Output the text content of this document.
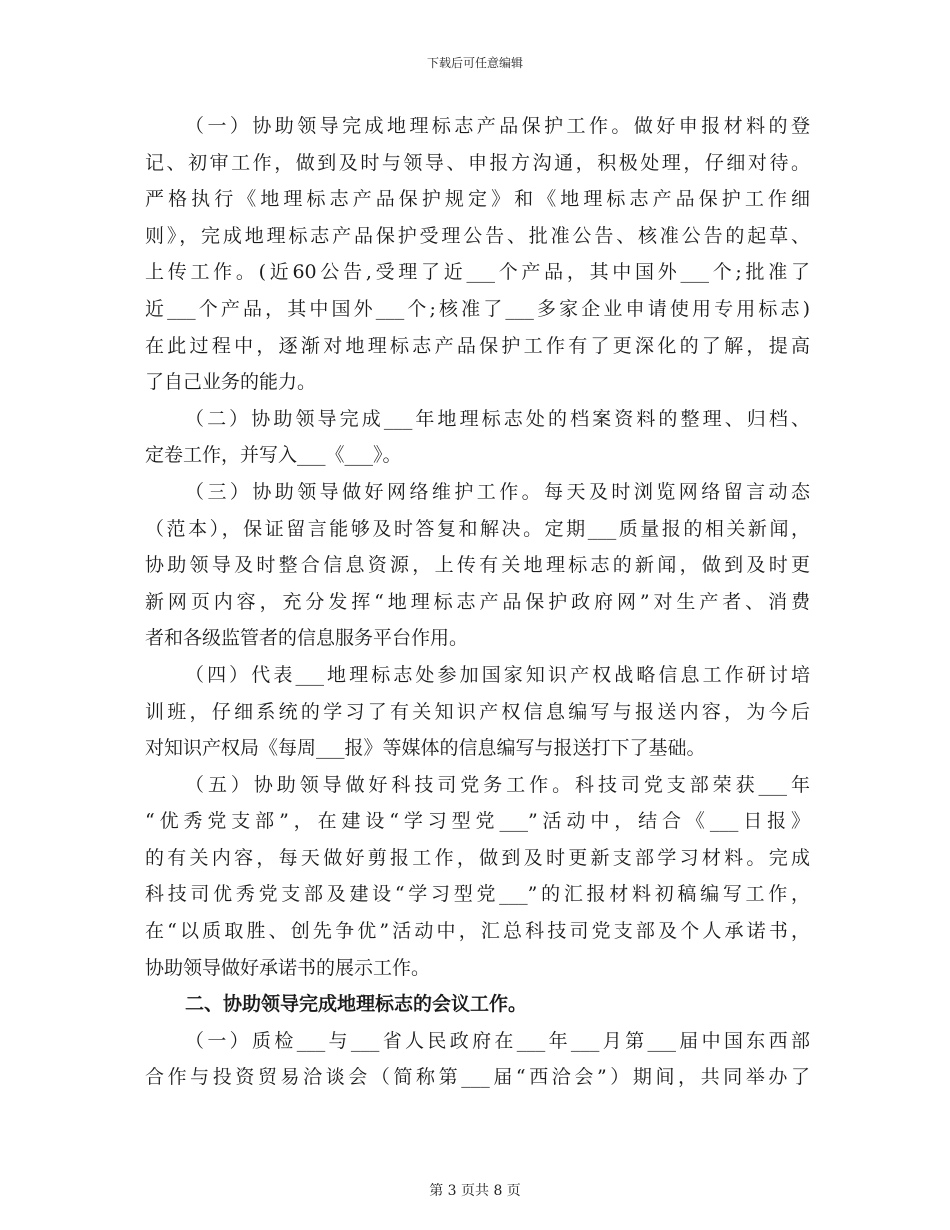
下载后可任意编辑
（一）协助领导完成地理标志产品保护工作。做好申报材料的登
记、初审工作，做到及时与领导、申报方沟通，积极处理，仔细对待。
严格执行《地理标志产品保护规定》和《地理标志产品保护工作细
则》，完成地理标志产品保护受理公告、批准公告、核准公告的起草、
上传工作。(近60公告,受理了近___个产品，其中国外___个;批准了
近___个产品，其中国外___个;核准了___多家企业申请使用专用标志)
在此过程中，逐渐对地理标志产品保护工作有了更深化的了解，提高
了自己业务的能力。
（二）协助领导完成___年地理标志处的档案资料的整理、归档、
定卷工作，并写入___《___》。
（三）协助领导做好网络维护工作。每天及时浏览网络留言动态
（范本），保证留言能够及时答复和解决。定期___质量报的相关新闻，
协助领导及时整合信息资源，上传有关地理标志的新闻，做到及时更
新网页内容，充分发挥“地理标志产品保护政府网”对生产者、消费
者和各级监管者的信息服务平台作用。
（四）代表___地理标志处参加国家知识产权战略信息工作研讨培
训班，仔细系统的学习了有关知识产权信息编写与报送内容，为今后
对知识产权局《每周___报》等媒体的信息编写与报送打下了基础。
（五）协助领导做好科技司党务工作。科技司党支部荣获___年
“优秀党支部”，在建设“学习型党___”活动中，结合《___日报》
的有关内容，每天做好剪报工作，做到及时更新支部学习材料。完成
科技司优秀党支部及建设“学习型党___”的汇报材料初稿编写工作，
在“以质取胜、创先争优”活动中，汇总科技司党支部及个人承诺书，
协助领导做好承诺书的展示工作。
二、协助领导完成地理标志的会议工作。
（一）质检___与___省人民政府在___年___月第___届中国东西部
合作与投资贸易洽谈会（简称第___届“西洽会”）期间，共同举办了
第 3 页共 8 页
